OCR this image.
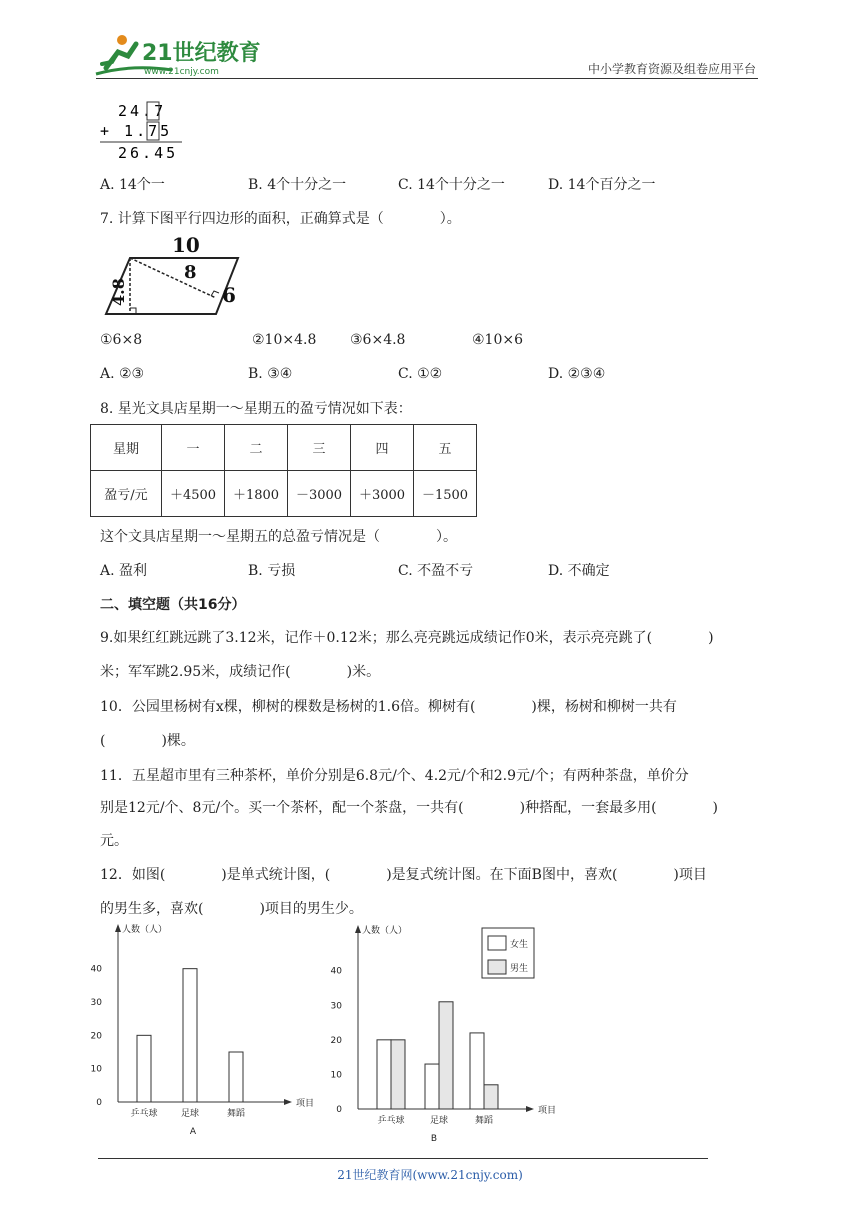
21世纪教育
www.21cnjy.com	中小学教育资源及组卷应用平台
24.7
+ 1.75
26.45
A. 14个一	B. 4个十分之一	C. 14个十分之一	D. 14个百分之一
7. 计算下图平行四边形的面积，正确算式是（　　　　）。
10
8
4.8	6
①6×8	②10×4.8 ③6×4.8	④10×6
A. ②③	B. ③④	C. ①②	D. ②③④
8. 星光文具店星期一～星期五的盈亏情况如下表：
星期	一	二	三	四	五
盈亏/元	＋4500	＋1800	－3000	＋3000	－1500
这个文具店星期一～星期五的总盈亏情况是（　　　　）。
A. 盈利	B. 亏损	C. 不盈不亏	D. 不确定
二、填空题（共16分）
9.如果红红跳远跳了3.12米，记作＋0.12米；那么亮亮跳远成绩记作0米，表示亮亮跳了(　　　　)
米；军军跳2.95米，成绩记作(　　　　)米。
10．公园里杨树有x棵，柳树的棵数是杨树的1.6倍。柳树有(　　　　)棵，杨树和柳树一共有
(　　　　)棵。
11．五星超市里有三种茶杯，单价分别是6.8元/个、4.2元/个和2.9元/个；有两种茶盘，单价分
别是12元/个、8元/个。买一个茶杯，配一个茶盘，一共有(　　　　)种搭配，一套最多用(　　　　)
元。
12．如图(　　　　)是单式统计图，(　　　　)是复式统计图。在下面B图中，喜欢(　　　　)项目
的男生多，喜欢(　　　　)项目的男生少。
人数（人）
项目
0
10
20
30
40
乒乓球	足球	舞蹈
A
人数（人）
项目
0
10
20
30
40
乒乓球	足球	舞蹈
B
女生
男生
21世纪教育网(www.21cnjy.com)
